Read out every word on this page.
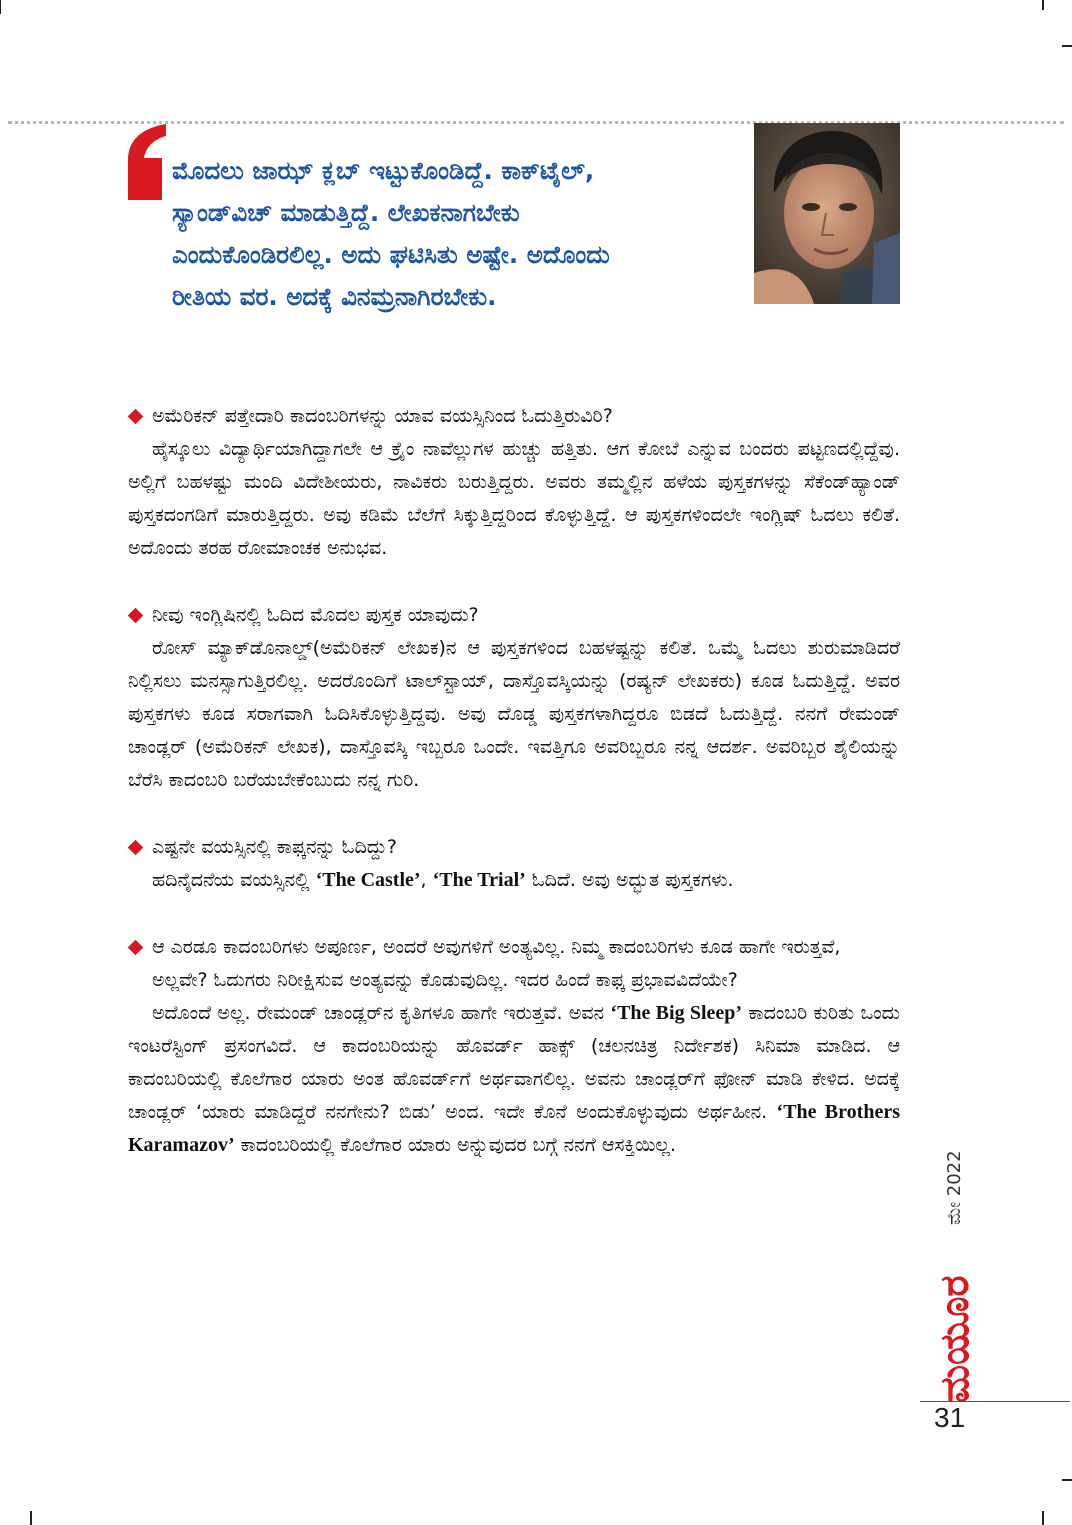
ಮೊದಲು ಜಾಝ್ ಕ್ಲಬ್ ಇಟ್ಟುಕೊಂಡಿದ್ದೆ. ಕಾಕ್‌ಟೈಲ್,
ಸ್ಯಾಂಡ್‌ವಿಚ್ ಮಾಡುತ್ತಿದ್ದೆ. ಲೇಖಕನಾಗಬೇಕು
ಎಂದುಕೊಂಡಿರಲಿಲ್ಲ. ಅದು ಘಟಿಸಿತು ಅಷ್ಟೇ. ಅದೊಂದು
ರೀತಿಯ ವರ. ಅದಕ್ಕೆ ವಿನಮ್ರನಾಗಿರಬೇಕು.

ಅಮೆರಿಕನ್ ಪತ್ತೇದಾರಿ ಕಾದಂಬರಿಗಳನ್ನು ಯಾವ ವಯಸ್ಸಿನಿಂದ ಓದುತ್ತಿರುವಿರಿ?

ಹೈಸ್ಕೂಲು ವಿದ್ಯಾರ್ಥಿಯಾಗಿದ್ದಾಗಲೇ ಆ ಕ್ರೈಂ ನಾವೆಲ್ಲುಗಳ ಹುಚ್ಚು ಹತ್ತಿತು. ಆಗ ಕೋಬೆ ಎನ್ನುವ ಬಂದರು ಪಟ್ಟಣದಲ್ಲಿದ್ದೆವು. ಅಲ್ಲಿಗೆ ಬಹಳಷ್ಟು ಮಂದಿ ವಿದೇಶೀಯರು, ನಾವಿಕರು ಬರುತ್ತಿದ್ದರು. ಅವರು ತಮ್ಮಲ್ಲಿನ ಹಳೆಯ ಪುಸ್ತಕಗಳನ್ನು ಸೆಕೆಂಡ್‌ಹ್ಯಾಂಡ್ ಪುಸ್ತಕದಂಗಡಿಗೆ ಮಾರುತ್ತಿದ್ದರು. ಅವು ಕಡಿಮೆ ಬೆಲೆಗೆ ಸಿಕ್ಕುತ್ತಿದ್ದರಿಂದ ಕೊಳ್ಳುತ್ತಿದ್ದೆ. ಆ ಪುಸ್ತಕಗಳಿಂದಲೇ ಇಂಗ್ಲಿಷ್ ಓದಲು ಕಲಿತೆ. ಅದೊಂದು ತರಹ ರೋಮಾಂಚಕ ಅನುಭವ.

ನೀವು ಇಂಗ್ಲಿಷಿನಲ್ಲಿ ಓದಿದ ಮೊದಲ ಪುಸ್ತಕ ಯಾವುದು?

ರೋಸ್ ಮ್ಯಾಕ್‌ಡೊನಾಲ್ಡ್(ಅಮೆರಿಕನ್ ಲೇಖಕ)ನ ಆ ಪುಸ್ತಕಗಳಿಂದ ಬಹಳಷ್ಟನ್ನು ಕಲಿತೆ. ಒಮ್ಮೆ ಓದಲು ಶುರುಮಾಡಿದರೆ ನಿಲ್ಲಿಸಲು ಮನಸ್ಸಾಗುತ್ತಿರಲಿಲ್ಲ. ಅದರೊಂದಿಗೆ ಟಾಲ್‌ಸ್ಟಾಯ್, ದಾಸ್ತೊವಸ್ಕಿಯನ್ನು (ರಷ್ಯನ್ ಲೇಖಕರು) ಕೂಡ ಓದುತ್ತಿದ್ದೆ. ಅವರ ಪುಸ್ತಕಗಳು ಕೂಡ ಸರಾಗವಾಗಿ ಓದಿಸಿಕೊಳ್ಳುತ್ತಿದ್ದವು. ಅವು ದೊಡ್ಡ ಪುಸ್ತಕಗಳಾಗಿದ್ದರೂ ಬಿಡದೆ ಓದುತ್ತಿದ್ದೆ. ನನಗೆ ರೇಮಂಡ್ ಚಾಂಡ್ಲರ್ (ಅಮೆರಿಕನ್ ಲೇಖಕ), ದಾಸ್ತೊವಸ್ಕಿ ಇಬ್ಬರೂ ಒಂದೇ. ಇವತ್ತಿಗೂ ಅವರಿಬ್ಬರೂ ನನ್ನ ಆದರ್ಶ. ಅವರಿಬ್ಬರ ಶೈಲಿಯನ್ನು ಬೆರೆಸಿ ಕಾದಂಬರಿ ಬರೆಯಬೇಕೆಂಬುದು ನನ್ನ ಗುರಿ.

ಎಷ್ಟನೇ ವಯಸ್ಸಿನಲ್ಲಿ ಕಾಫ್ಕನನ್ನು ಓದಿದ್ದು?

ಹದಿನೈದನೆಯ ವಯಸ್ಸಿನಲ್ಲಿ ‘The Castle’, ‘The Trial’ ಓದಿದೆ. ಅವು ಅದ್ಭುತ ಪುಸ್ತಕಗಳು.

ಆ ಎರಡೂ ಕಾದಂಬರಿಗಳು ಅಪೂರ್ಣ, ಅಂದರೆ ಅವುಗಳಿಗೆ ಅಂತ್ಯವಿಲ್ಲ. ನಿಮ್ಮ ಕಾದಂಬರಿಗಳು ಕೂಡ ಹಾಗೇ ಇರುತ್ತವೆ, ಅಲ್ಲವೇ? ಓದುಗರು ನಿರೀಕ್ಷಿಸುವ ಅಂತ್ಯವನ್ನು ಕೊಡುವುದಿಲ್ಲ. ಇದರ ಹಿಂದೆ ಕಾಫ್ಕ ಪ್ರಭಾವವಿದೆಯೇ?

ಅದೊಂದೆ ಅಲ್ಲ. ರೇಮಂಡ್ ಚಾಂಡ್ಲರ್‌ನ ಕೃತಿಗಳೂ ಹಾಗೇ ಇರುತ್ತವೆ. ಅವನ ‘The Big Sleep’ ಕಾದಂಬರಿ ಕುರಿತು ಒಂದು ಇಂಟರೆಸ್ಟಿಂಗ್ ಪ್ರಸಂಗವಿದೆ. ಆ ಕಾದಂಬರಿಯನ್ನು ಹೊವರ್ಡ್ ಹಾಕ್ಸ್ (ಚಲನಚಿತ್ರ ನಿರ್ದೇಶಕ) ಸಿನಿಮಾ ಮಾಡಿದ. ಆ ಕಾದಂಬರಿಯಲ್ಲಿ ಕೊಲೆಗಾರ ಯಾರು ಅಂತ ಹೊವರ್ಡ್‌ಗೆ ಅರ್ಥವಾಗಲಿಲ್ಲ. ಅವನು ಚಾಂಡ್ಲರ್‌ಗೆ ಫೋನ್ ಮಾಡಿ ಕೇಳಿದ. ಅದಕ್ಕೆ ಚಾಂಡ್ಲರ್ ‘ಯಾರು ಮಾಡಿದ್ದರೆ ನನಗೇನು? ಬಿಡು’ ಅಂದ. ಇದೇ ಕೊನೆ ಅಂದುಕೊಳ್ಳುವುದು ಅರ್ಥಹೀನ. ‘The Brothers Karamazov’ ಕಾದಂಬರಿಯಲ್ಲಿ ಕೊಲೆಗಾರ ಯಾರು ಅನ್ನುವುದರ ಬಗ್ಗೆ ನನಗೆ ಆಸಕ್ತಿಯಿಲ್ಲ.

ಮೇ 2022
ಮಯೂರ

31
